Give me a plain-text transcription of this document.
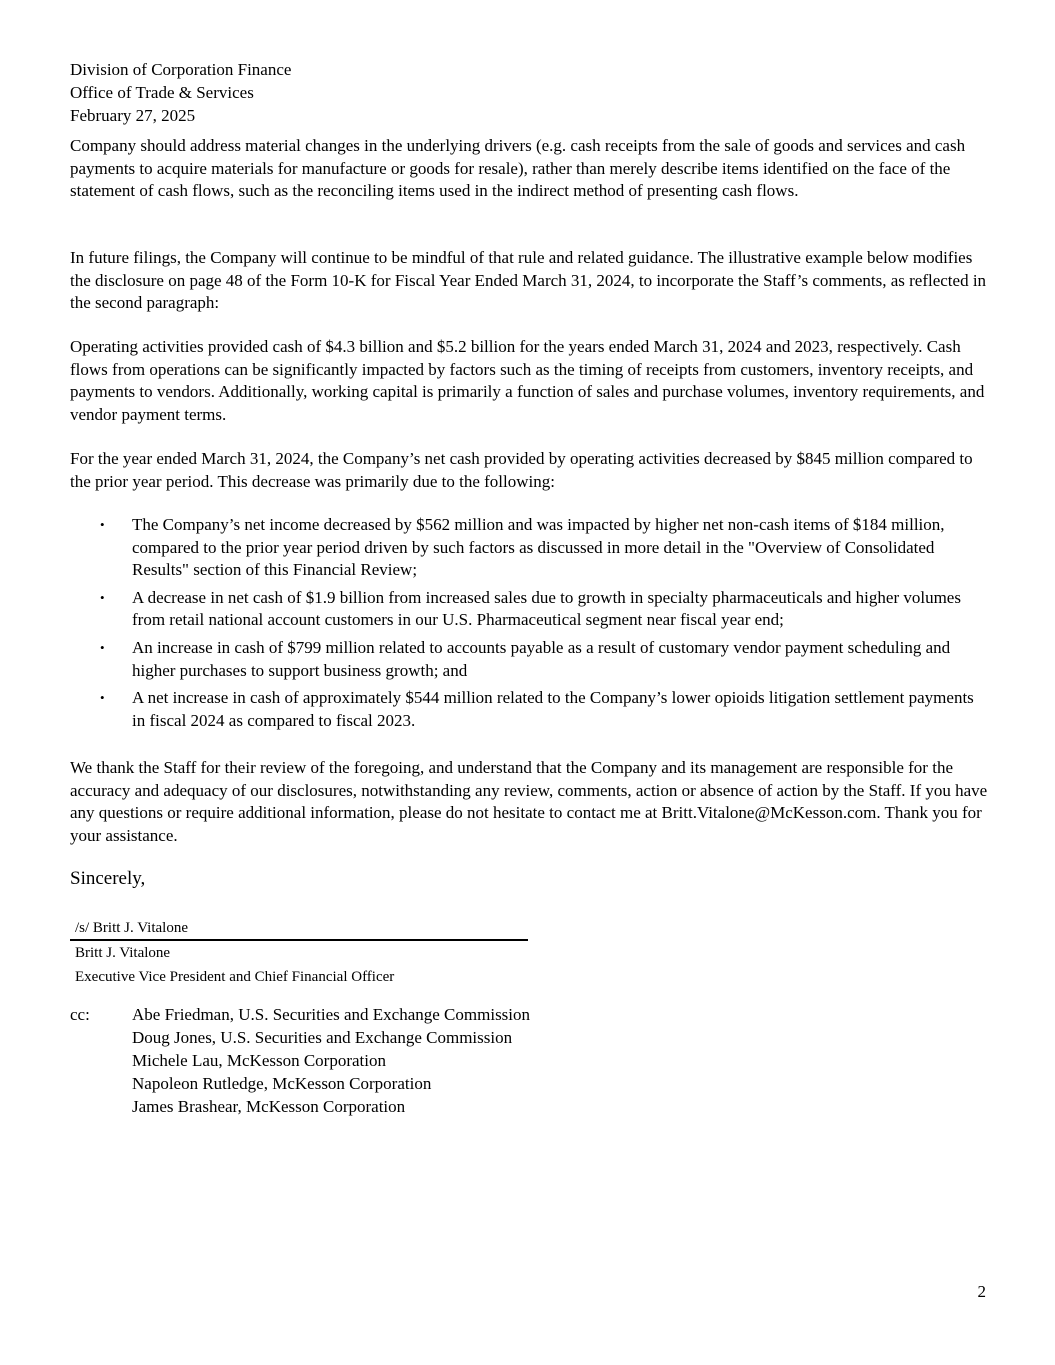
Division of Corporation Finance
Office of Trade & Services
February 27, 2025
Company should address material changes in the underlying drivers (e.g. cash receipts from the sale of goods and services and cash payments to acquire materials for manufacture or goods for resale), rather than merely describe items identified on the face of the statement of cash flows, such as the reconciling items used in the indirect method of presenting cash flows.
In future filings, the Company will continue to be mindful of that rule and related guidance. The illustrative example below modifies the disclosure on page 48 of the Form 10-K for Fiscal Year Ended March 31, 2024, to incorporate the Staff’s comments, as reflected in the second paragraph:
Operating activities provided cash of $4.3 billion and $5.2 billion for the years ended March 31, 2024 and 2023, respectively. Cash flows from operations can be significantly impacted by factors such as the timing of receipts from customers, inventory receipts, and payments to vendors. Additionally, working capital is primarily a function of sales and purchase volumes, inventory requirements, and vendor payment terms.
For the year ended March 31, 2024, the Company’s net cash provided by operating activities decreased by $845 million compared to the prior year period. This decrease was primarily due to the following:
• The Company’s net income decreased by $562 million and was impacted by higher net non-cash items of $184 million, compared to the prior year period driven by such factors as discussed in more detail in the "Overview of Consolidated Results" section of this Financial Review;
• A decrease in net cash of $1.9 billion from increased sales due to growth in specialty pharmaceuticals and higher volumes from retail national account customers in our U.S. Pharmaceutical segment near fiscal year end;
• An increase in cash of $799 million related to accounts payable as a result of customary vendor payment scheduling and higher purchases to support business growth; and
• A net increase in cash of approximately $544 million related to the Company’s lower opioids litigation settlement payments in fiscal 2024 as compared to fiscal 2023.
We thank the Staff for their review of the foregoing, and understand that the Company and its management are responsible for the accuracy and adequacy of our disclosures, notwithstanding any review, comments, action or absence of action by the Staff. If you have any questions or require additional information, please do not hesitate to contact me at Britt.Vitalone@McKesson.com. Thank you for your assistance.
Sincerely,
/s/ Britt J. Vitalone
Britt J. Vitalone
Executive Vice President and Chief Financial Officer
cc: Abe Friedman, U.S. Securities and Exchange Commission
Doug Jones, U.S. Securities and Exchange Commission
Michele Lau, McKesson Corporation
Napoleon Rutledge, McKesson Corporation
James Brashear, McKesson Corporation
2
